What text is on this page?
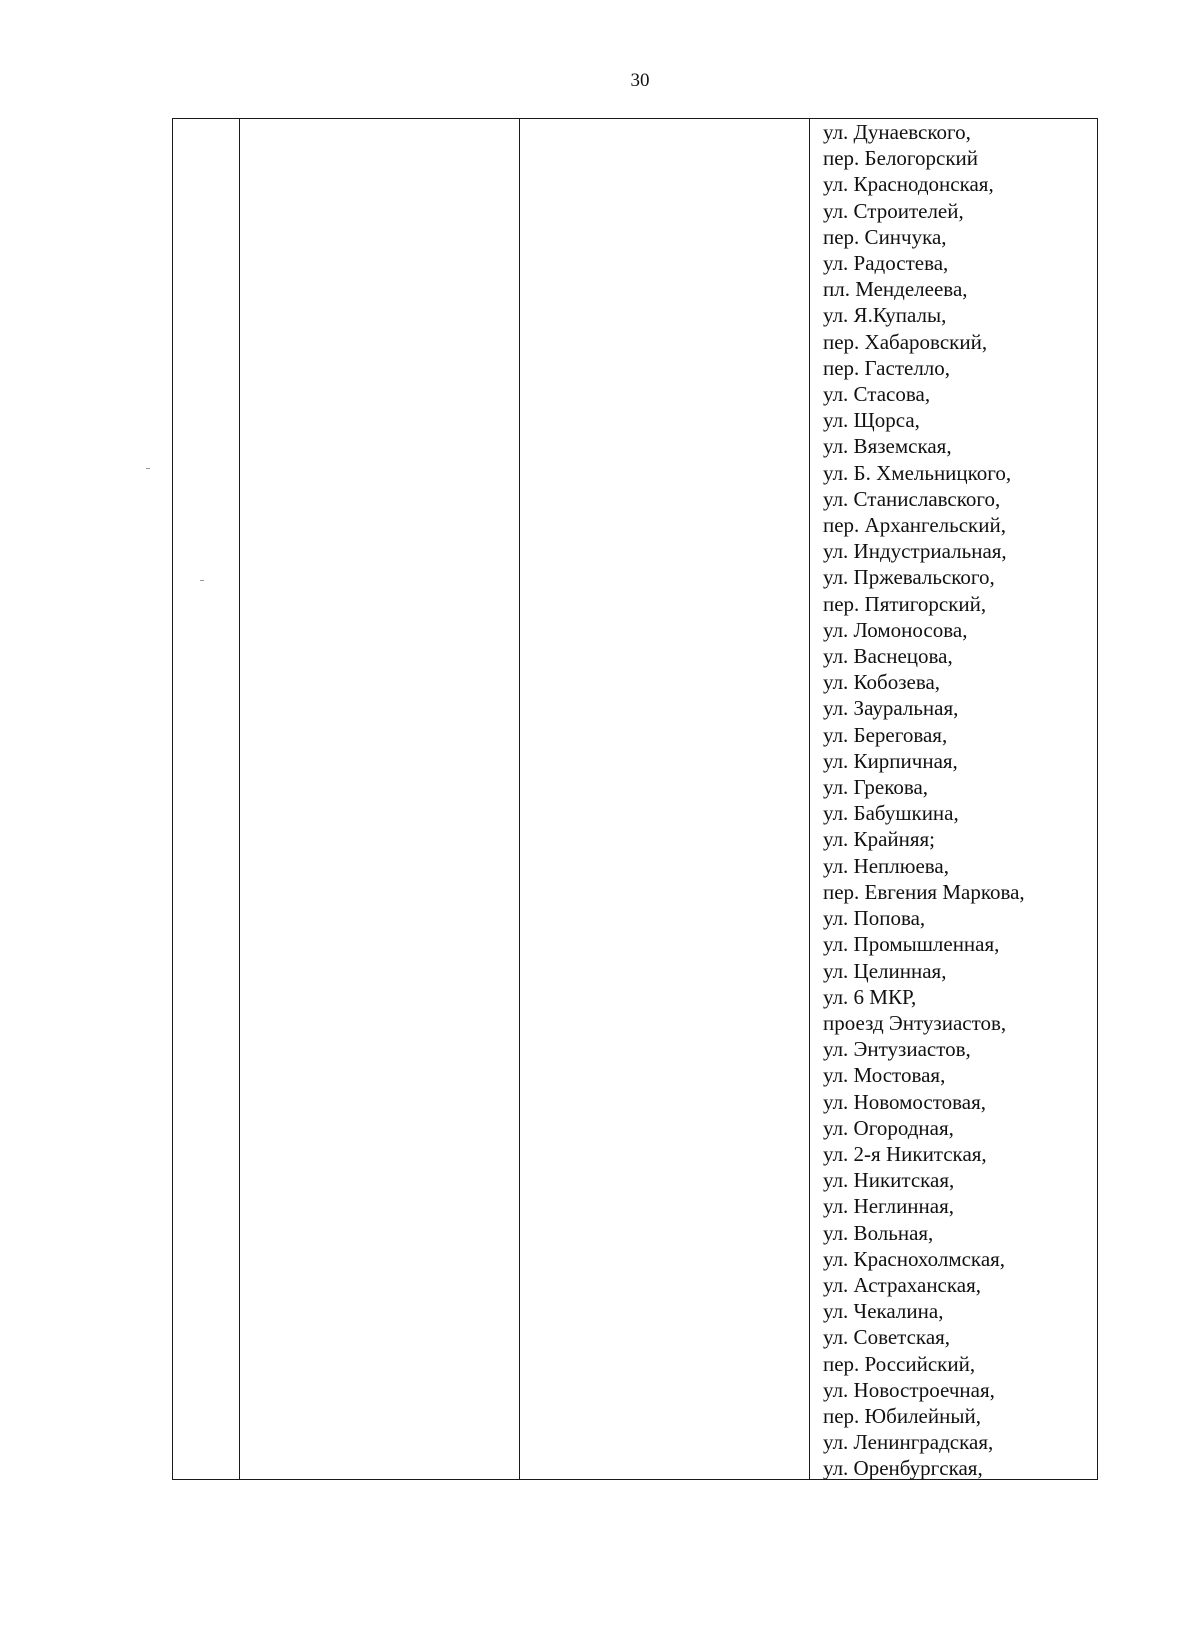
30
ул. Дунаевского,
пер. Белогорский
ул. Краснодонская,
ул. Строителей,
пер. Синчука,
ул. Радостева,
пл. Менделеева,
ул. Я.Купалы,
пер. Хабаровский,
пер. Гастелло,
ул. Стасова,
ул. Щорса,
ул. Вяземская,
ул. Б. Хмельницкого,
ул. Станиславского,
пер. Архангельский,
ул. Индустриальная,
ул. Пржевальского,
пер. Пятигорский,
ул. Ломоносова,
ул. Васнецова,
ул. Кобозева,
ул. Зауральная,
ул. Береговая,
ул. Кирпичная,
ул. Грекова,
ул. Бабушкина,
ул. Крайняя;
ул. Неплюева,
пер. Евгения Маркова,
ул. Попова,
ул. Промышленная,
ул. Целинная,
ул. 6 МКР,
проезд Энтузиастов,
ул. Энтузиастов,
ул. Мостовая,
ул. Новомостовая,
ул. Огородная,
ул. 2-я Никитская,
ул. Никитская,
ул. Неглинная,
ул. Вольная,
ул. Краснохолмская,
ул. Астраханская,
ул. Чекалина,
ул. Советская,
пер. Российский,
ул. Новостроечная,
пер. Юбилейный,
ул. Ленинградская,
ул. Оренбургская,
